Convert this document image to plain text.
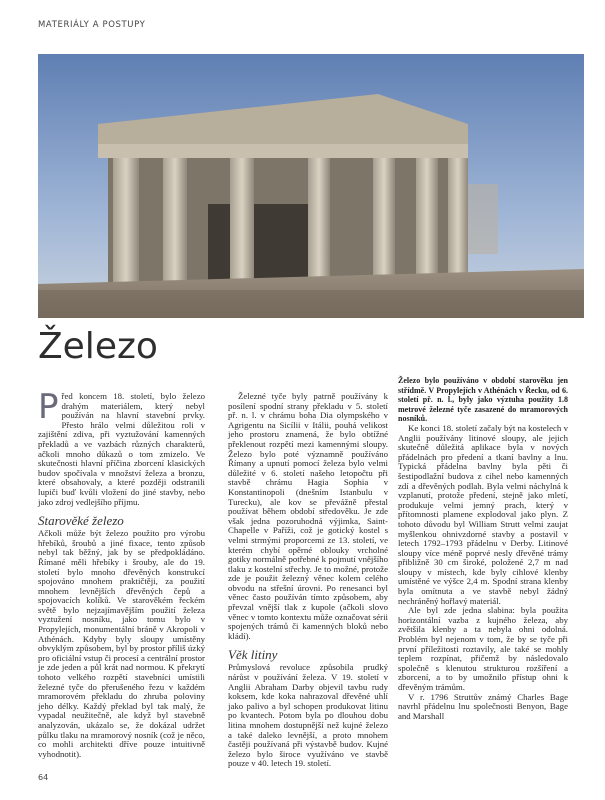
MATERIÁLY A POSTUPY
Železo

Před koncem 18. století, bylo železo drahým materiálem, který nebyl používán na hlavní stavební prvky. Přesto hrálo velmi důležitou roli v zajištění zdiva, při vyztužování kamenných překladů a ve vazbách různých charakterů, ačkoli mnoho důkazů o tom zmizelo. Ve skutečnosti hlavní příčina zborcení klasických budov spočívala v množství železa a bronzu, které obsahovaly, a které později odstranili lupiči buď kvůli vložení do jiné stavby, nebo jako zdroj vedlejšího příjmu.

Starověké železo

Ačkoli může být železo použito pro výrobu hřebíků, šroubů a jiné fixace, tento způsob nebyl tak běžný, jak by se předpokládáno. Římané měli hřebíky i šrouby, ale do 19. století bylo mnoho dřevěných konstrukcí spojováno mnohem praktičtěji, za použití mnohem levnějších dřevěných čepů a spojovacích kolíků. Ve starověkém řeckém světě bylo nejzajímavějším použití železa vyztužení nosníku, jako tomu bylo v Propylejích, monumentální bráně v Akropoli v Athénách. Kdyby byly sloupy umístěny obvyklým způsobem, byl by prostor příliš úzký pro oficiální vstup či procesí a centrální prostor je zde jeden a půl krát nad normou. K překrytí tohoto velkého rozpětí stavebníci umístili železné tyče do přerušeného řezu v každém mramorovém překladu do zhruba poloviny jeho délky. Každý překlad byl tak malý, že vypadal neužitečně, ale když byl stavebně analyzován, ukázalo se, že dokázal udržet půlku tlaku na mramorový nosník (což je něco, co mohli architekti dříve pouze intuitivně vyhodnotit).

64

Železné tyče byly patrně používány k posílení spodní strany překladu v 5. století př. n. l. v chrámu boha Dia olympského v Agrigentu na Sicílii v Itálii, pouhá velikost jeho prostoru znamená, že bylo obtížné překlenout rozpětí mezi kamennými sloupy. Železo bylo poté významně používáno Římany a upnutí pomocí železa bylo velmi důležité v 6. století našeho letopočtu při stavbě chrámu Hagia Sophia v Konstantinopoli (dnešním Istanbulu v Turecku), ale kov se převážně přestal používat během období středověku. Je zde však jedna pozoruhodná výjimka, Saint-Chapelle v Paříži, což je gotický kostel s velmi strmými proporcemi ze 13. století, ve kterém chybí opěrné oblouky vrcholné gotiky normálně potřebné k pojmutí vnějšího tlaku z kostelní střechy. Je to možné, protože zde je použit železný věnec kolem celého obvodu na střešní úrovni. Po renesanci byl věnec často používán tímto způsobem, aby převzal vnější tlak z kupole (ačkoli slovo věnec v tomto kontextu může označovat sérii spojených trámů či kamenných bloků nebo kládí).

Věk litiny

Průmyslová revoluce způsobila prudký nárůst v používání železa. V 19. století v Anglii Abraham Darby objevil tavbu rudy koksem, kde koka nahrazoval dřevěné uhlí jako palivo a byl schopen produkovat litinu po kvantech. Potom byla po dlouhou dobu litina mnohem dostupnější než kujné železo a také daleko levnější, a proto mnohem častěji používaná při výstavbě budov. Kujné železo bylo široce využíváno ve stavbě pouze v 40. letech 19. století.

Železo bylo používáno v období starověku jen střídmě. V Propylejích v Athénách v Řecku, od 6. století př. n. l., byly jako výztuha použity 1.8 metrové železné tyče zasazené do mramorových nosníků.

Ke konci 18. století začaly být na kostelech v Anglii používány litinové sloupy, ale jejich skutečně důležitá aplikace byla v nových přádelnách pro předení a tkaní bavlny a lnu. Typická přádelna bavlny byla pěti či šestipodlažní budova z cihel nebo kamenných zdí a dřevěných podlah. Byla velmi náchylná k vzplanutí, protože předení, stejně jako mletí, produkuje velmi jemný prach, který v přítomnosti plamene explodoval jako plyn. Z tohoto důvodu byl William Strutt velmi zaujat myšlenkou ohnivzdorné stavby a postavil v letech 1792–1793 přádelnu v Derby. Litinové sloupy více méně poprvé nesly dřevěné trámy přibližně 30 cm široké, položené 2,7 m nad sloupy v místech, kde byly cihlové klenby umístěné ve výšce 2,4 m. Spodní strana klenby byla omítnuta a ve stavbě nebyl žádný nechráněný hořlavý materiál.

Ale byl zde jedna slabina: byla použita horizontální vazba z kujného železa, aby zvětšila klenby a ta nebyla ohni odolná. Problém byl nejenom v tom, že by se tyče při první příležitosti roztavily, ale také se mohly teplem rozpínat, přičemž by následovalo společně s klenutou strukturou rozšíření a zborcení, a to by umožnilo přístup ohni k dřevěným trámům.

V r. 1796 Struttův známý Charles Bage navrhl přádelnu lnu společnosti Benyon, Bage and Marshall
